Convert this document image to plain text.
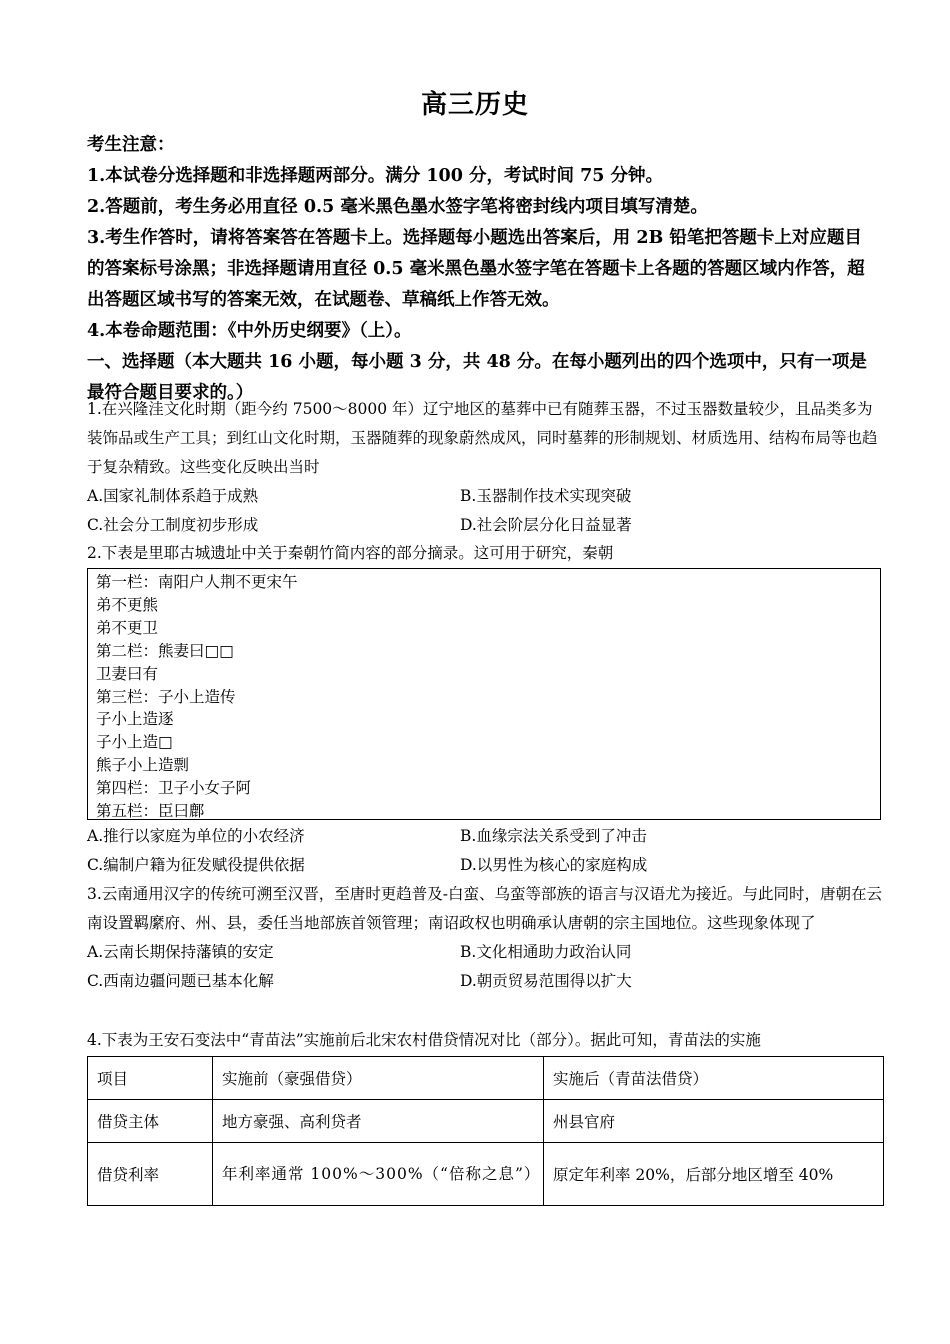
高三历史

考生注意：

1.本试卷分选择题和非选择题两部分。满分 100 分，考试时间 75 分钟。

2.答题前，考生务必用直径 0.5 毫米黑色墨水签字笔将密封线内项目填写清楚。

3.考生作答时，请将答案答在答题卡上。选择题每小题选出答案后，用 2B 铅笔把答题卡上对应题目的答案标号涂黑；非选择题请用直径 0.5 毫米黑色墨水签字笔在答题卡上各题的答题区域内作答，超出答题区域书写的答案无效，在试题卷、草稿纸上作答无效。

4.本卷命题范围：《中外历史纲要》（上）。

一、选择题（本大题共 16 小题，每小题 3 分，共 48 分。在每小题列出的四个选项中，只有一项是最符合题目要求的。）

1.在兴隆洼文化时期（距今约 7500～8000 年）辽宁地区的墓葬中已有随葬玉器，不过玉器数量较少，且品类多为装饰品或生产工具；到红山文化时期，玉器随葬的现象蔚然成风，同时墓葬的形制规划、材质选用、结构布局等也趋于复杂精致。这些变化反映出当时

A.国家礼制体系趋于成熟	B.玉器制作技术实现突破
C.社会分工制度初步形成	D.社会阶层分化日益显著

2.下表是里耶古城遗址中关于秦朝竹简内容的部分摘录。这可用于研究，秦朝

第一栏：南阳户人荆不更宋午
弟不更熊
弟不更卫
第二栏：熊妻曰□□
卫妻曰有
第三栏：子小上造传
子小上造逐
子小上造□
熊子小上造剽
第四栏：卫子小女子阿
第五栏：臣曰鄜
A.推行以家庭为单位的小农经济	B.血缘宗法关系受到了冲击
C.编制户籍为征发赋役提供依据	D.以男性为核心的家庭构成

3.云南通用汉字的传统可溯至汉晋，至唐时更趋普及-白蛮、乌蛮等部族的语言与汉语尤为接近。与此同时，唐朝在云南设置羁縻府、州、县，委任当地部族首领管理；南诏政权也明确承认唐朝的宗主国地位。这些现象体现了

A.云南长期保持藩镇的安定	B.文化相通助力政治认同
C.西南边疆问题已基本化解	D.朝贡贸易范围得以扩大

4.下表为王安石变法中“青苗法”实施前后北宋农村借贷情况对比（部分）。据此可知，青苗法的实施

项目	实施前（豪强借贷）	实施后（青苗法借贷）
借贷主体	地方豪强、高利贷者	州县官府
借贷利率	年利率通常 100%～300%（“倍称之息”）	原定年利率 20%，后部分地区增至 40%
